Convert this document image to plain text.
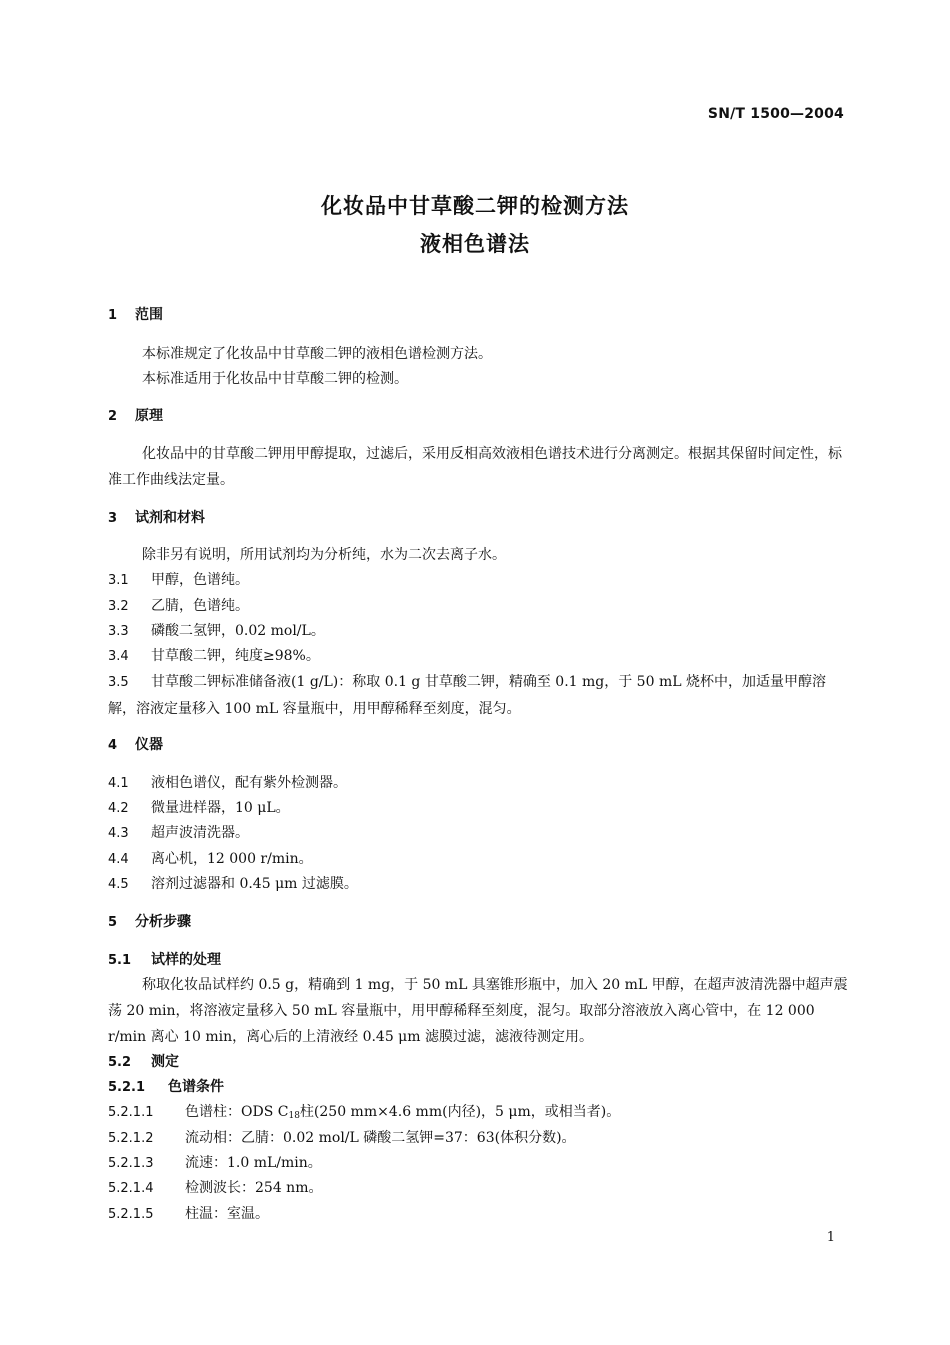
SN/T 1500—2004
化妆品中甘草酸二钾的检测方法
液相色谱法
1 范围
本标准规定了化妆品中甘草酸二钾的液相色谱检测方法。
本标准适用于化妆品中甘草酸二钾的检测。
2 原理
化妆品中的甘草酸二钾用甲醇提取，过滤后，采用反相高效液相色谱技术进行分离测定。根据其保留时间定性，标准工作曲线法定量。
3 试剂和材料
除非另有说明，所用试剂均为分析纯，水为二次去离子水。
3.1 甲醇，色谱纯。
3.2 乙腈，色谱纯。
3.3 磷酸二氢钾，0.02 mol/L。
3.4 甘草酸二钾，纯度≥98%。
3.5 甘草酸二钾标准储备液(1 g/L)：称取 0.1 g 甘草酸二钾，精确至 0.1 mg，于 50 mL 烧杯中，加适量甲醇溶解，溶液定量移入 100 mL 容量瓶中，用甲醇稀释至刻度，混匀。
4 仪器
4.1 液相色谱仪，配有紫外检测器。
4.2 微量进样器，10 μL。
4.3 超声波清洗器。
4.4 离心机，12 000 r/min。
4.5 溶剂过滤器和 0.45 μm 过滤膜。
5 分析步骤
5.1 试样的处理
称取化妆品试样约 0.5 g，精确到 1 mg，于 50 mL 具塞锥形瓶中，加入 20 mL 甲醇，在超声波清洗器中超声震荡 20 min，将溶液定量移入 50 mL 容量瓶中，用甲醇稀释至刻度，混匀。取部分溶液放入离心管中，在 12 000 r/min 离心 10 min，离心后的上清液经 0.45 μm 滤膜过滤，滤液待测定用。
5.2 测定
5.2.1 色谱条件
5.2.1.1 色谱柱：ODS $C_{18}$柱(250 mm×4.6 mm(内径)，5 μm，或相当者)。
5.2.1.2 流动相：乙腈：0.02 mol/L 磷酸二氢钾=37：63(体积分数)。
5.2.1.3 流速：1.0 mL/min。
5.2.1.4 检测波长：254 nm。
5.2.1.5 柱温：室温。
1
